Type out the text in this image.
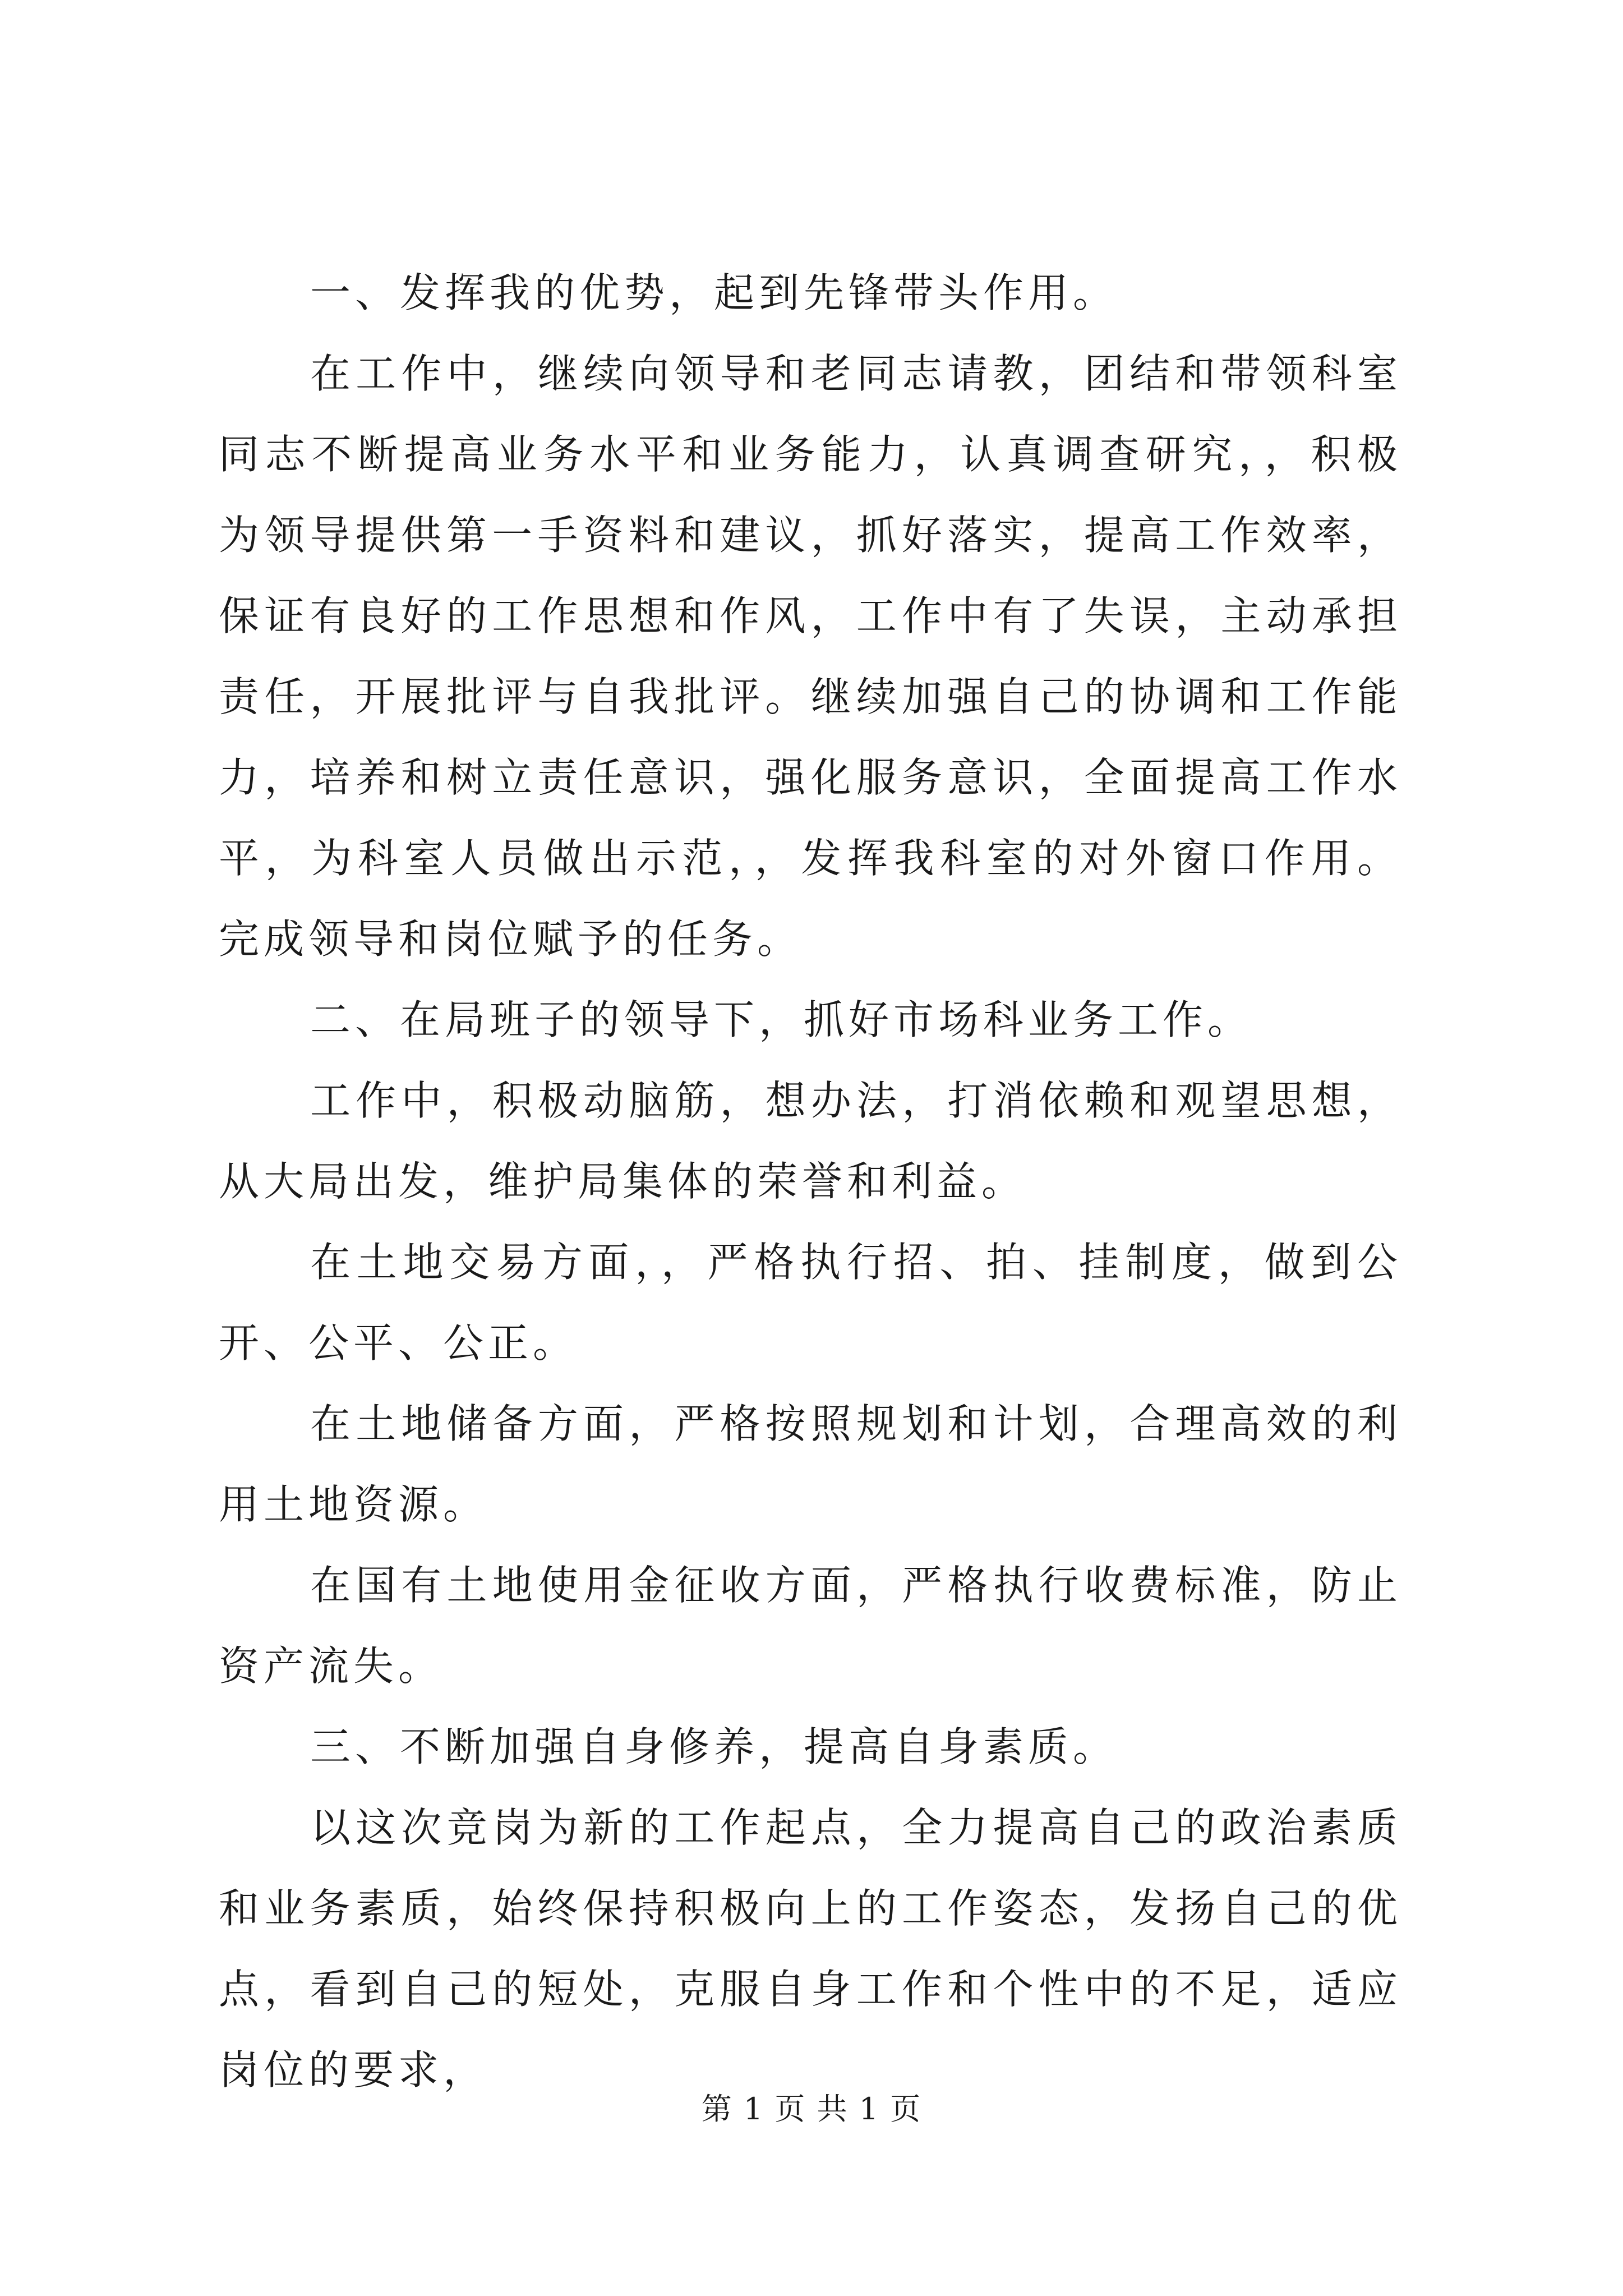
一、发挥我的优势，起到先锋带头作用。

在工作中，继续向领导和老同志请教，团结和带领科室同志不断提高业务水平和业务能力，认真调查研究，，积极为领导提供第一手资料和建议，抓好落实，提高工作效率，保证有良好的工作思想和作风，工作中有了失误，主动承担责任，开展批评与自我批评。继续加强自己的协调和工作能力，培养和树立责任意识，强化服务意识，全面提高工作水平，为科室人员做出示范，，发挥我科室的对外窗口作用。完成领导和岗位赋予的任务。

二、在局班子的领导下，抓好市场科业务工作。

工作中，积极动脑筋，想办法，打消依赖和观望思想，从大局出发，维护局集体的荣誉和利益。

在土地交易方面，，严格执行招、拍、挂制度，做到公开、公平、公正。

在土地储备方面，严格按照规划和计划，合理高效的利用土地资源。

在国有土地使用金征收方面，严格执行收费标准，防止资产流失。

三、不断加强自身修养，提高自身素质。

以这次竞岗为新的工作起点，全力提高自己的政治素质和业务素质，始终保持积极向上的工作姿态，发扬自己的优点，看到自己的短处，克服自身工作和个性中的不足，适应岗位的要求，

第 1 页 共 1 页
